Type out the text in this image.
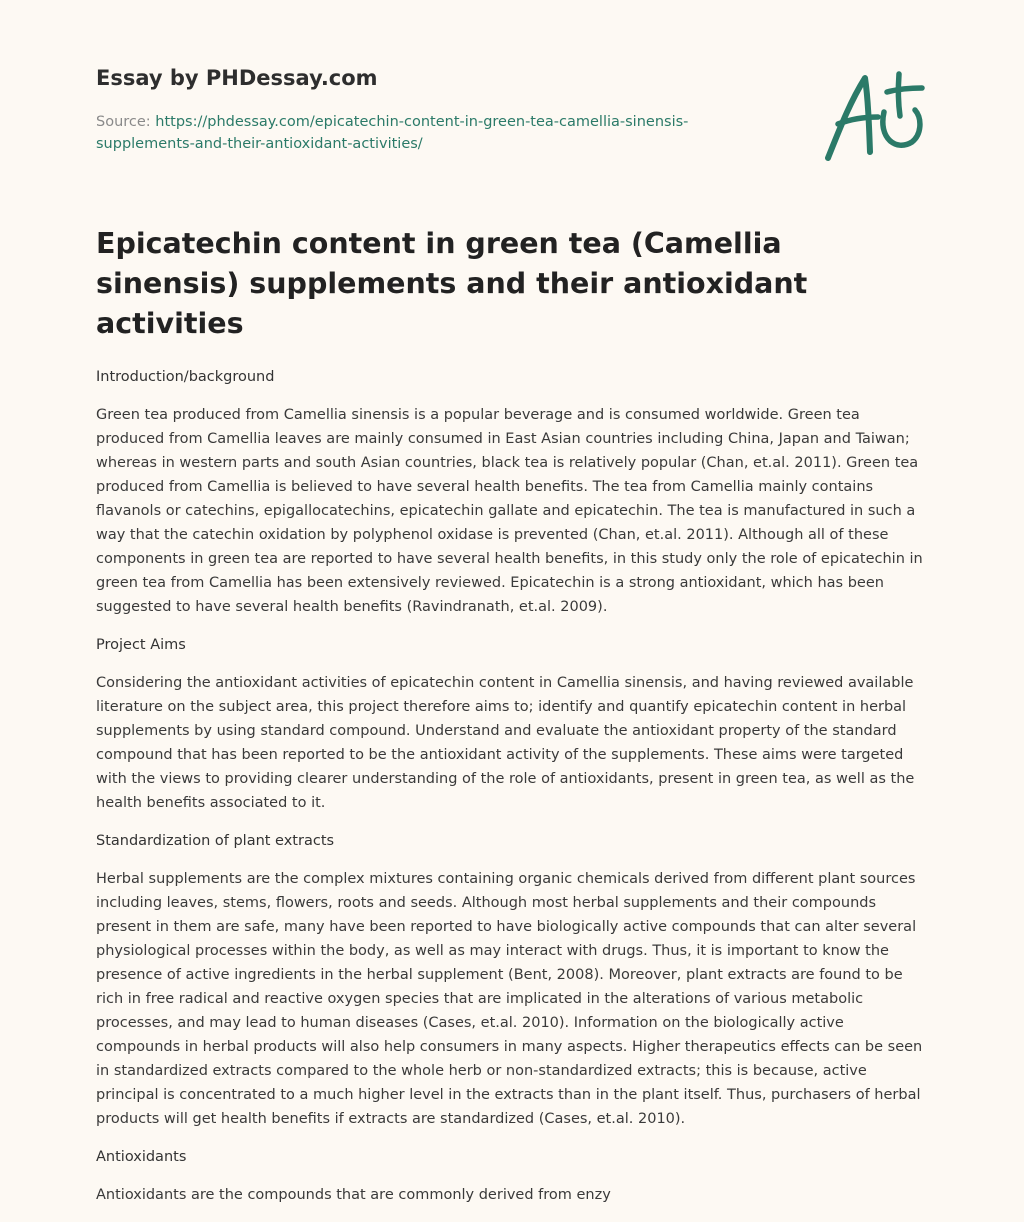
Essay by PHDessay.com
Source: https://phdessay.com/epicatechin-content-in-green-tea-camellia-sinensis-
supplements-and-their-antioxidant-activities/
Epicatechin content in green tea (Camellia sinensis) supplements and their antioxidant activities

Introduction/background

Green tea produced from Camellia sinensis is a popular beverage and is consumed worldwide. Green tea produced from Camellia leaves are mainly consumed in East Asian countries including China, Japan and Taiwan; whereas in western parts and south Asian countries, black tea is relatively popular (Chan, et.al. 2011). Green tea produced from Camellia is believed to have several health benefits. The tea from Camellia mainly contains flavanols or catechins, epigallocatechins, epicatechin gallate and epicatechin. The tea is manufactured in such a way that the catechin oxidation by polyphenol oxidase is prevented (Chan, et.al. 2011). Although all of these components in green tea are reported to have several health benefits, in this study only the role of epicatechin in green tea from Camellia has been extensively reviewed. Epicatechin is a strong antioxidant, which has been suggested to have several health benefits (Ravindranath, et.al. 2009).

Project Aims

Considering the antioxidant activities of epicatechin content in Camellia sinensis, and having reviewed available literature on the subject area, this project therefore aims to; identify and quantify epicatechin content in herbal supplements by using standard compound. Understand and evaluate the antioxidant property of the standard compound that has been reported to be the antioxidant activity of the supplements. These aims were targeted with the views to providing clearer understanding of the role of antioxidants, present in green tea, as well as the health benefits associated to it.

Standardization of plant extracts

Herbal supplements are the complex mixtures containing organic chemicals derived from different plant sources including leaves, stems, flowers, roots and seeds. Although most herbal supplements and their compounds present in them are safe, many have been reported to have biologically active compounds that can alter several physiological processes within the body, as well as may interact with drugs. Thus, it is important to know the presence of active ingredients in the herbal supplement (Bent, 2008). Moreover, plant extracts are found to be rich in free radical and reactive oxygen species that are implicated in the alterations of various metabolic processes, and may lead to human diseases (Cases, et.al. 2010). Information on the biologically active compounds in herbal products will also help consumers in many aspects. Higher therapeutics effects can be seen in standardized extracts compared to the whole herb or non-standardized extracts; this is because, active principal is concentrated to a much higher level in the extracts than in the plant itself. Thus, purchasers of herbal products will get health benefits if extracts are standardized (Cases, et.al. 2010).

Antioxidants

Antioxidants are the compounds that are commonly derived from enzy
